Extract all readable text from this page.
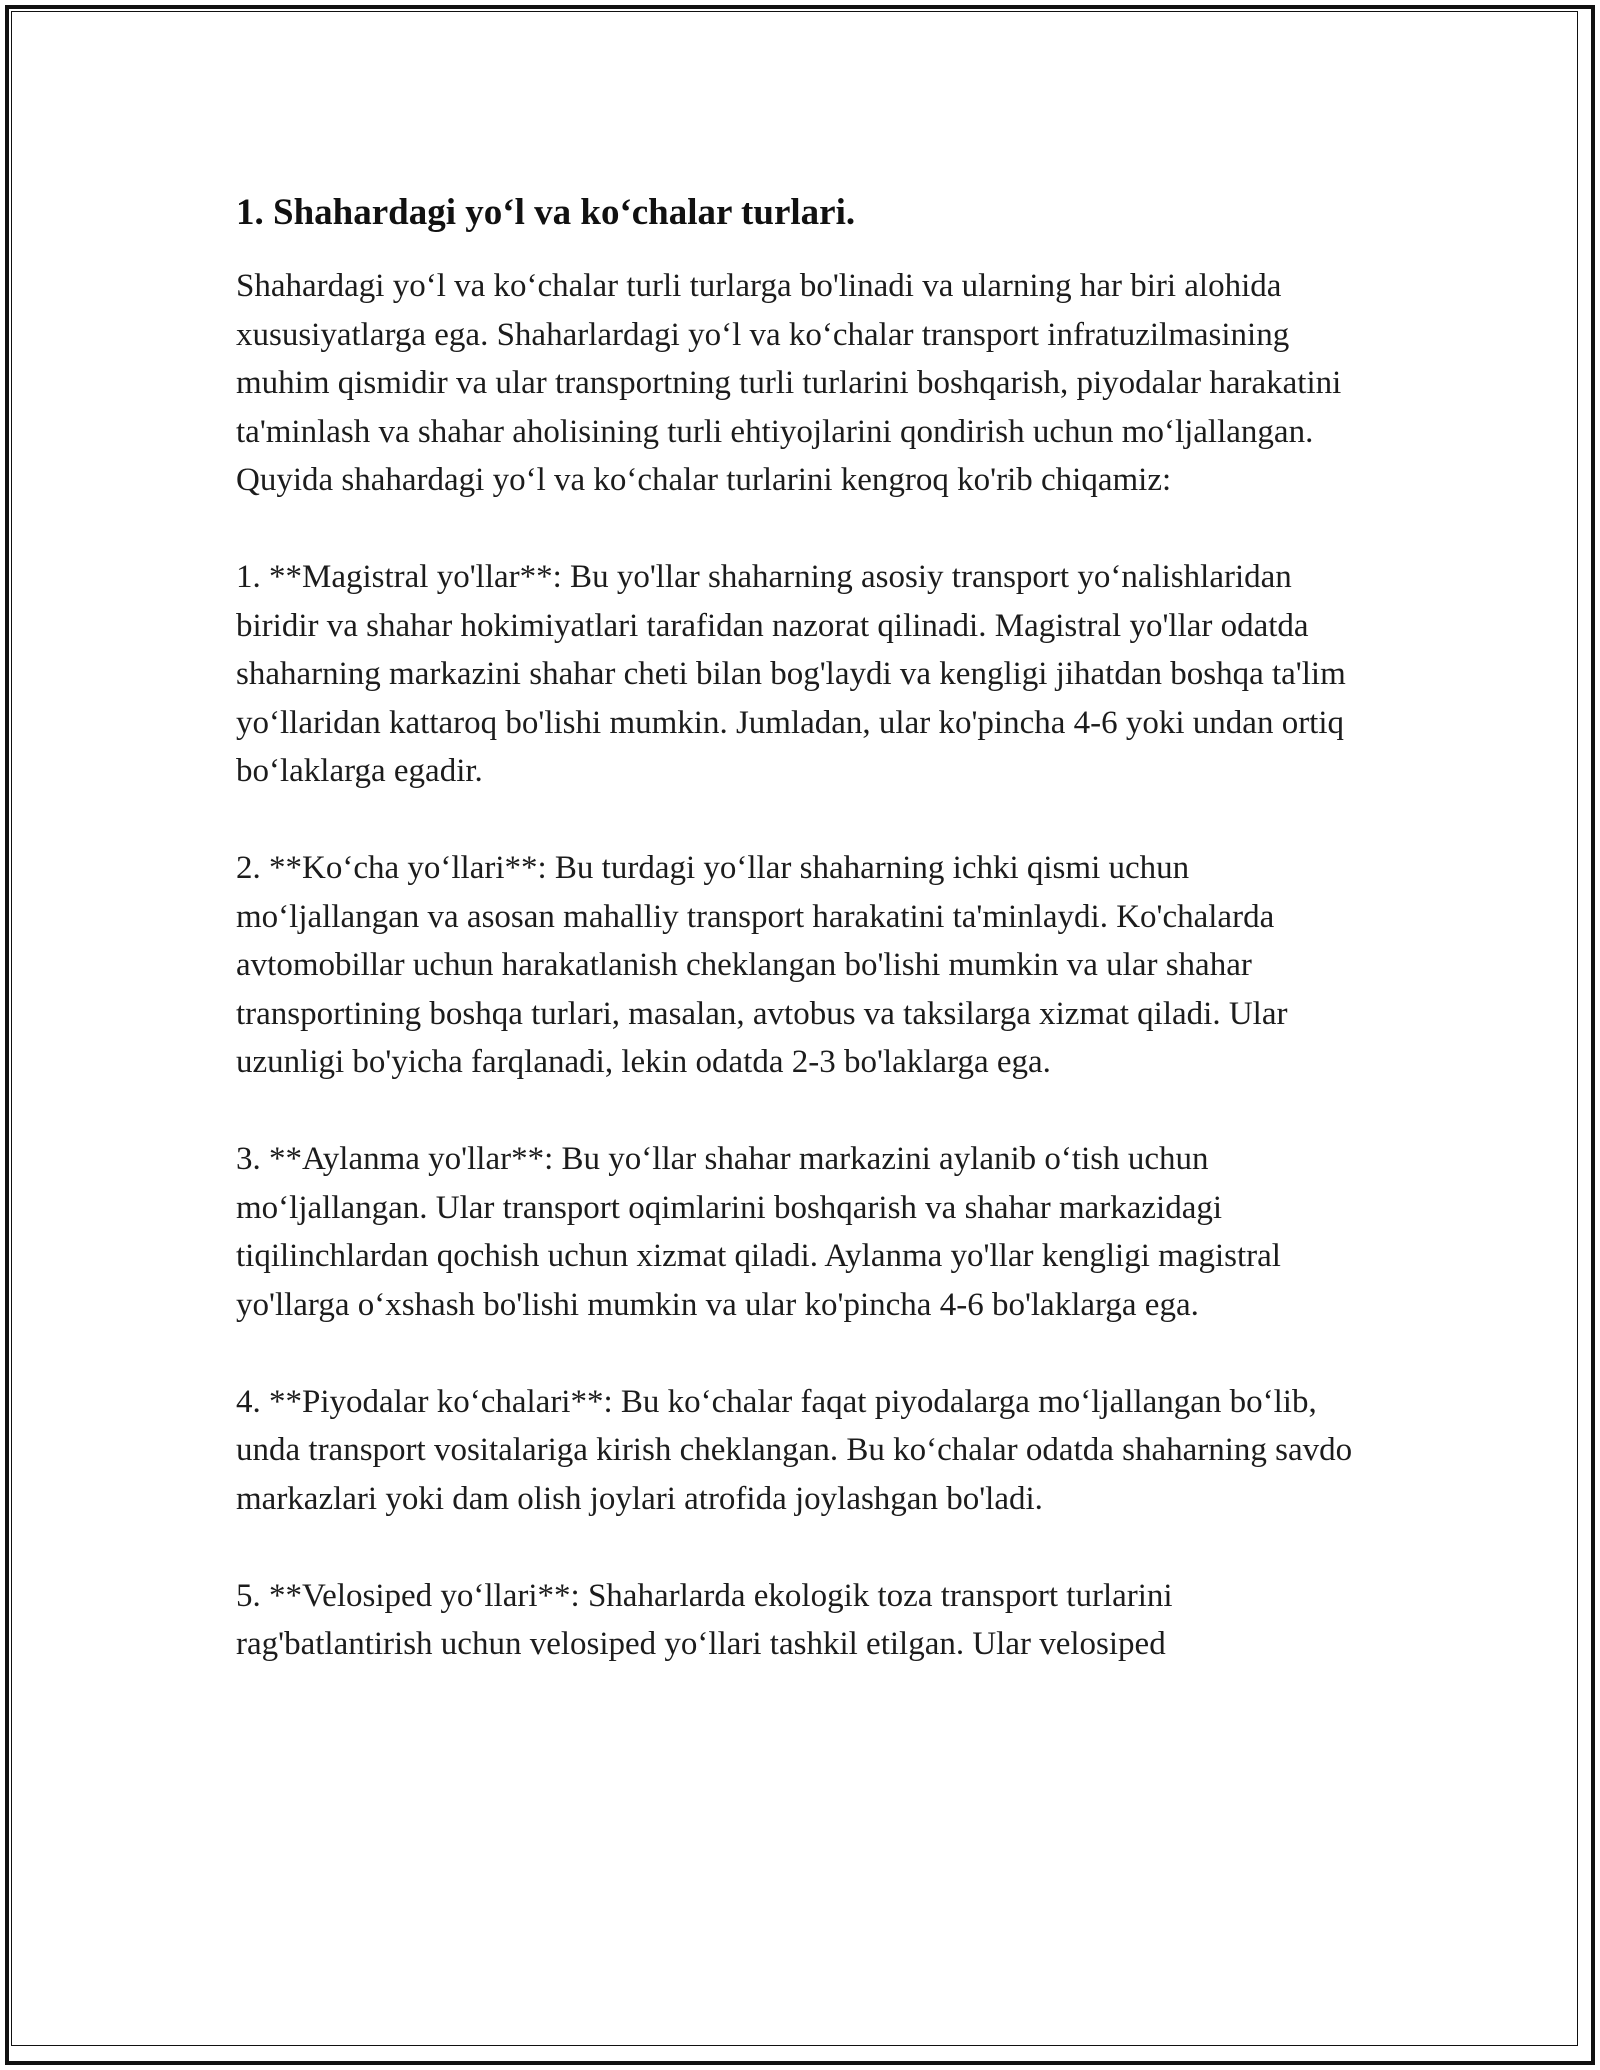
1. Shahardagi yo‘l va ko‘chalar turlari.

Shahardagi yo‘l va ko‘chalar turli turlarga bo'linadi va ularning har biri alohida xususiyatlarga ega. Shaharlardagi yo‘l va ko‘chalar transport infratuzilmasining muhim qismidir va ular transportning turli turlarini boshqarish, piyodalar harakatini ta'minlash va shahar aholisining turli ehtiyojlarini qondirish uchun mo‘ljallangan. Quyida shahardagi yo‘l va ko‘chalar turlarini kengroq ko'rib chiqamiz:

1. **Magistral yo'llar**: Bu yo'llar shaharning asosiy transport yo‘nalishlaridan biridir va shahar hokimiyatlari tarafidan nazorat qilinadi. Magistral yo'llar odatda shaharning markazini shahar cheti bilan bog'laydi va kengligi jihatdan boshqa ta'lim yo‘llaridan kattaroq bo'lishi mumkin. Jumladan, ular ko'pincha 4-6 yoki undan ortiq bo‘laklarga egadir.

2. **Ko‘cha yo‘llari**: Bu turdagi yo‘llar shaharning ichki qismi uchun mo‘ljallangan va asosan mahalliy transport harakatini ta'minlaydi. Ko'chalarda avtomobillar uchun harakatlanish cheklangan bo'lishi mumkin va ular shahar transportining boshqa turlari, masalan, avtobus va taksilarga xizmat qiladi. Ular uzunligi bo'yicha farqlanadi, lekin odatda 2-3 bo'laklarga ega.

3. **Aylanma yo'llar**: Bu yo‘llar shahar markazini aylanib o‘tish uchun mo‘ljallangan. Ular transport oqimlarini boshqarish va shahar markazidagi tiqilinchlardan qochish uchun xizmat qiladi. Aylanma yo'llar kengligi magistral yo'llarga o‘xshash bo'lishi mumkin va ular ko'pincha 4-6 bo'laklarga ega.

4. **Piyodalar ko‘chalari**: Bu ko‘chalar faqat piyodalarga mo‘ljallangan bo‘lib, unda transport vositalariga kirish cheklangan. Bu ko‘chalar odatda shaharning savdo markazlari yoki dam olish joylari atrofida joylashgan bo'ladi.

5. **Velosiped yo‘llari**: Shaharlarda ekologik toza transport turlarini rag'batlantirish uchun velosiped yo‘llari tashkil etilgan. Ular velosiped
